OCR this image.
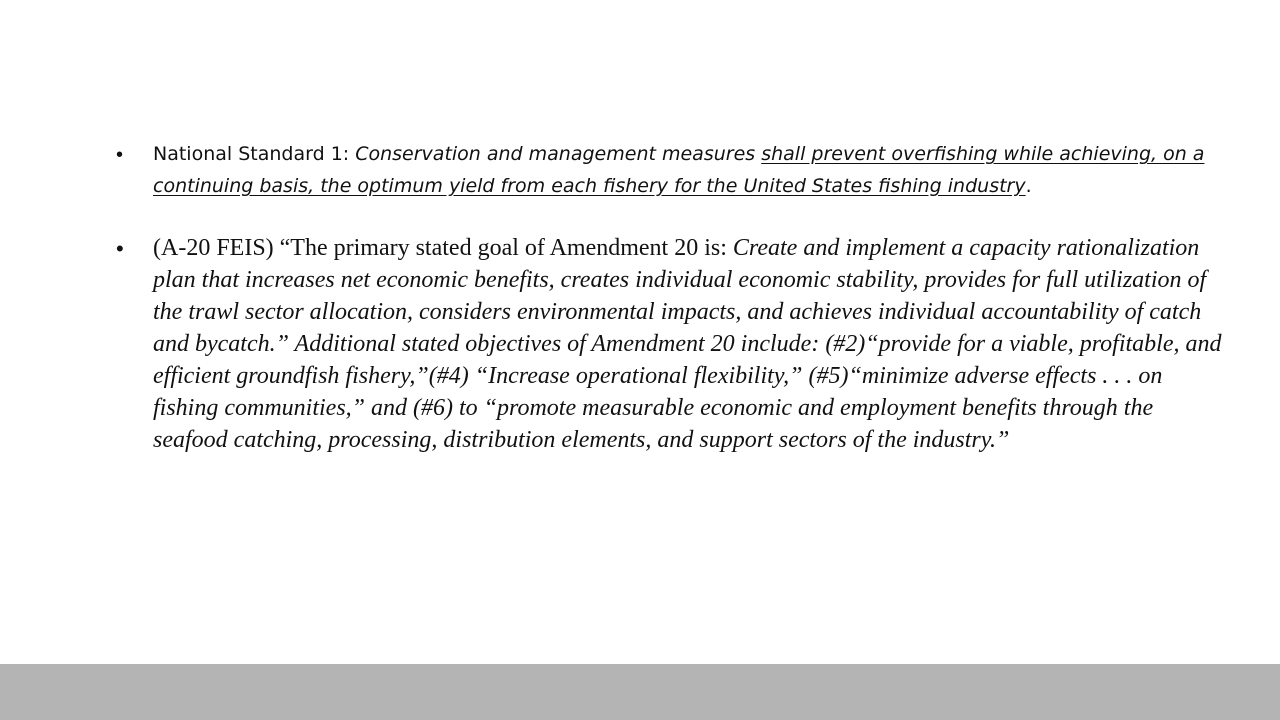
• National Standard 1: Conservation and management measures shall prevent overfishing while achieving, on a continuing basis, the optimum yield from each fishery for the United States fishing industry.
• (A-20 FEIS) “The primary stated goal of Amendment 20 is: Create and implement a capacity rationalization plan that increases net economic benefits, creates individual economic stability, provides for full utilization of the trawl sector allocation, considers environmental impacts, and achieves individual accountability of catch and bycatch.” Additional stated objectives of Amendment 20 include: (#2)“provide for a viable, profitable, and efficient groundfish fishery,”(#4) “Increase operational flexibility,” (#5)“minimize adverse effects . . . on fishing communities,” and (#6) to “promote measurable economic and employment benefits through the seafood catching, processing, distribution elements, and support sectors of the industry.”
